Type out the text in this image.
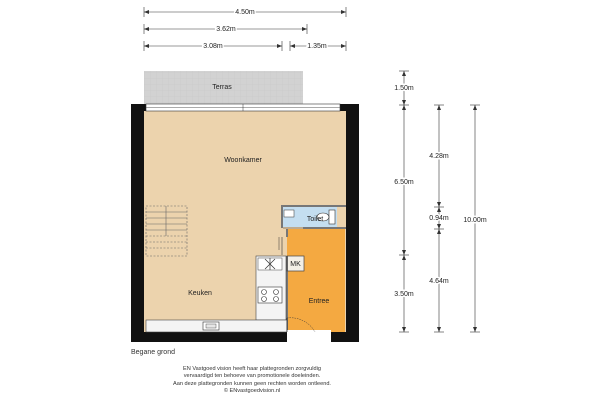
Terras
Woonkamer
Keuken
Toilet
MK
Entree
4.50m
3.62m
3.08m	1.35m
1.50m
6.50m
3.50m
4.28m
0.94m
4.64m
10.00m
Begane grond
EN Vastgoed vision heeft haar plattegronden zorgvuldig
vervaardigd ten behoeve van promotionele doeleinden.
Aan deze plattegronden kunnen geen rechten worden ontleend.
© ENvastgoedvision.nl
